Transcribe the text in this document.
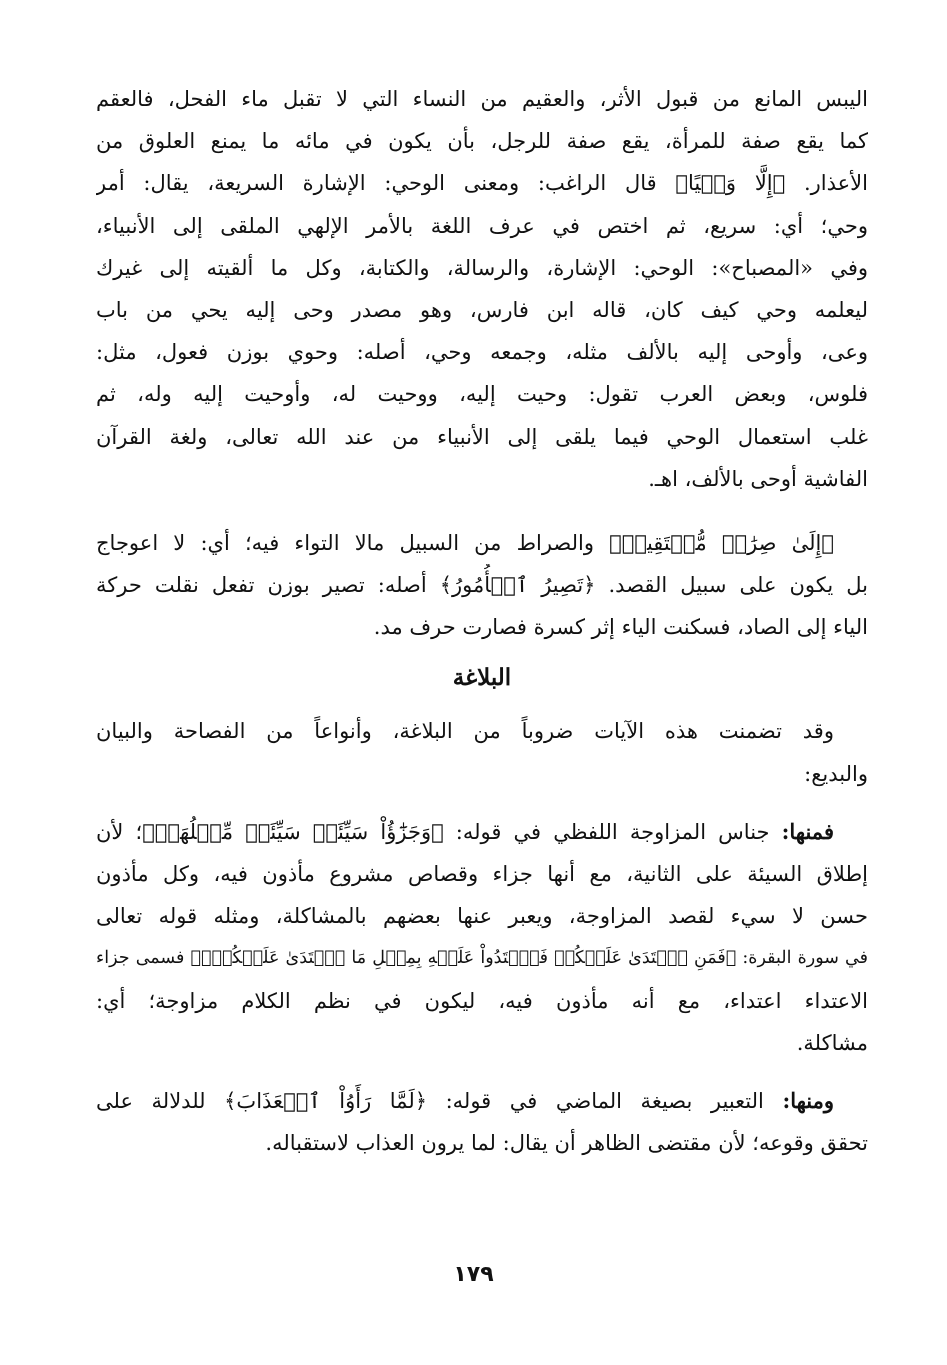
اليبس المانع من قبول الأثر، والعقيم من النساء التي لا تقبل ماء الفحل، فالعقم
كما يقع صفة للمرأة، يقع صفة للرجل، بأن يكون في مائه ما يمنع العلوق من
الأعذار. ﴿إِلَّا وَحۡيًا﴾ قال الراغب: ومعنى الوحي: الإشارة السريعة، يقال: أمر
وحي؛ أي: سريع، ثم اختص في عرف اللغة بالأمر الإلهي الملقى إلى الأنبياء،
وفي «المصباح»: الوحي: الإشارة، والرسالة، والكتابة، وكل ما ألقيته إلى غيرك
ليعلمه وحي كيف كان، قاله ابن فارس، وهو مصدر وحى إليه يحي من باب
وعى، وأوحى إليه بالألف مثله، وجمعه وحي، أصله: وحوي بوزن فعول، مثل:
فلوس، وبعض العرب تقول: وحيت إليه، ووحيت له، وأوحيت إليه وله، ثم
غلب استعمال الوحي فيما يلقى إلى الأنبياء من عند الله تعالى، ولغة القرآن
الفاشية أوحى بالألف، اهـ.
﴿إِلَىٰ صِرَٰطٖ مُّسۡتَقِيمٖ﴾ والصراط من السبيل مالا التواء فيه؛ أي: لا اعوجاج
بل يكون على سبيل القصد. ﴿تَصِيرُ ٱلۡأُمُورُ﴾ أصله: تصير بوزن تفعل نقلت حركة
الياء إلى الصاد، فسكنت الياء إثر كسرة فصارت حرف مد.
البلاغة
وقد تضمنت هذه الآيات ضروباً من البلاغة، وأنواعاً من الفصاحة والبيان
والبديع:
فمنها: جناس المزاوجة اللفظي في قوله: ﴿وَجَزَٰٓؤُاْ سَيِّئَةٖ سَيِّئَةٞ مِّثۡلُهَاۖ﴾؛ لأن
إطلاق السيئة على الثانية، مع أنها جزاء وقصاص مشروع مأذون فيه، وكل مأذون
حسن لا سيء لقصد المزاوجة، ويعبر عنها بعضهم بالمشاكلة، ومثله قوله تعالى
في سورة البقرة: ﴿فَمَنِ ٱعۡتَدَىٰ عَلَيۡكُمۡ فَٱعۡتَدُواْ عَلَيۡهِ بِمِثۡلِ مَا ٱعۡتَدَىٰ عَلَيۡكُمۡۚ﴾ فسمى جزاء
الاعتداء اعتداء، مع أنه مأذون فيه، ليكون في نظم الكلام مزاوجة؛ أي:
مشاكلة.
ومنها: التعبير بصيغة الماضي في قوله: ﴿لَمَّا رَأَوُاْ ٱلۡعَذَابَ﴾ للدلالة على
تحقق وقوعه؛ لأن مقتضى الظاهر أن يقال: لما يرون العذاب لاستقباله.
١٧٩
